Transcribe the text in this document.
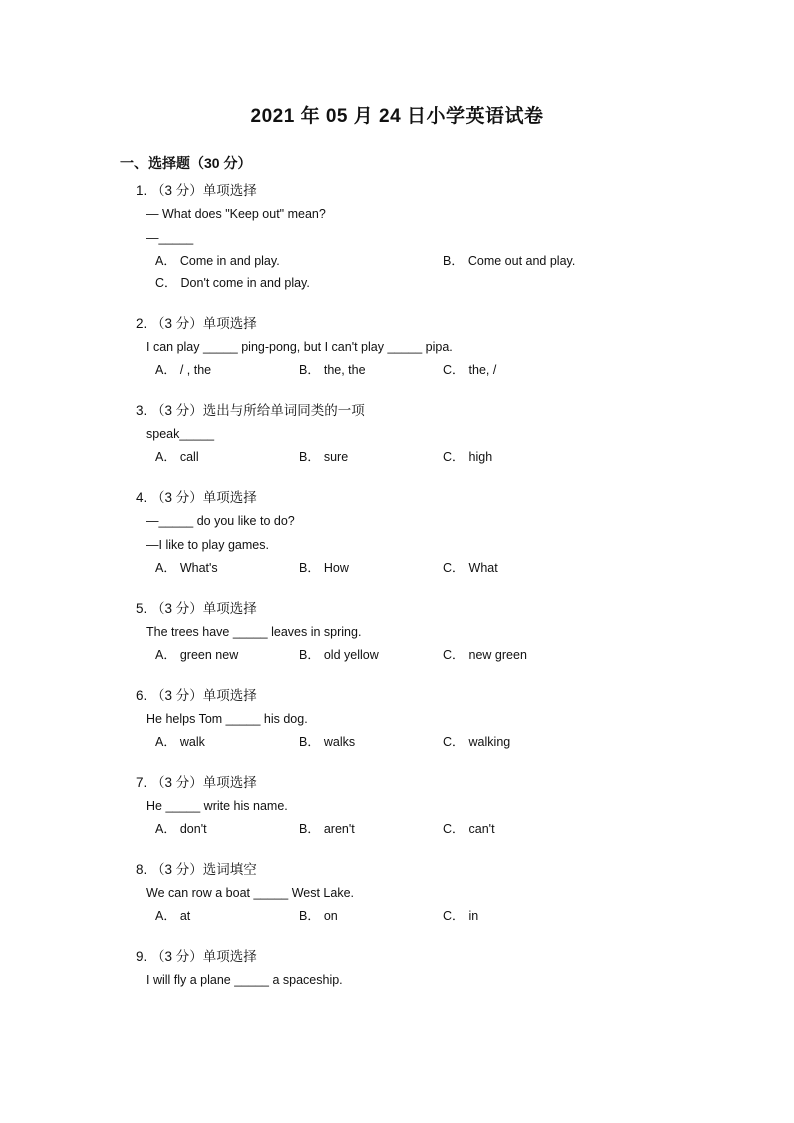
2021 年 05 月 24 日小学英语试卷
一、选择题（30 分）
1. （3 分）单项选择
— What does "Keep out" mean?
—_____
A． Come in and play.	B． Come out and play.
C． Don't come in and play.
2. （3 分）单项选择
I can play _____ ping-pong, but I can't play _____ pipa.
A． / , the	B． the, the	C． the, /
3. （3 分）选出与所给单词同类的一项
speak_____
A． call	B． sure	C． high
4. （3 分）单项选择
—_____ do you like to do?
—I like to play games.
A． What's	B． How	C． What
5. （3 分）单项选择
The trees have _____ leaves in spring.
A． green new	B． old yellow	C． new green
6. （3 分）单项选择
He helps Tom _____ his dog.
A． walk	B． walks	C． walking
7. （3 分）单项选择
He _____ write his name.
A． don't	B． aren't	C． can't
8. （3 分）选词填空
We can row a boat _____ West Lake.
A． at	B． on	C． in
9. （3 分）单项选择
I will fly a plane _____ a spaceship.
